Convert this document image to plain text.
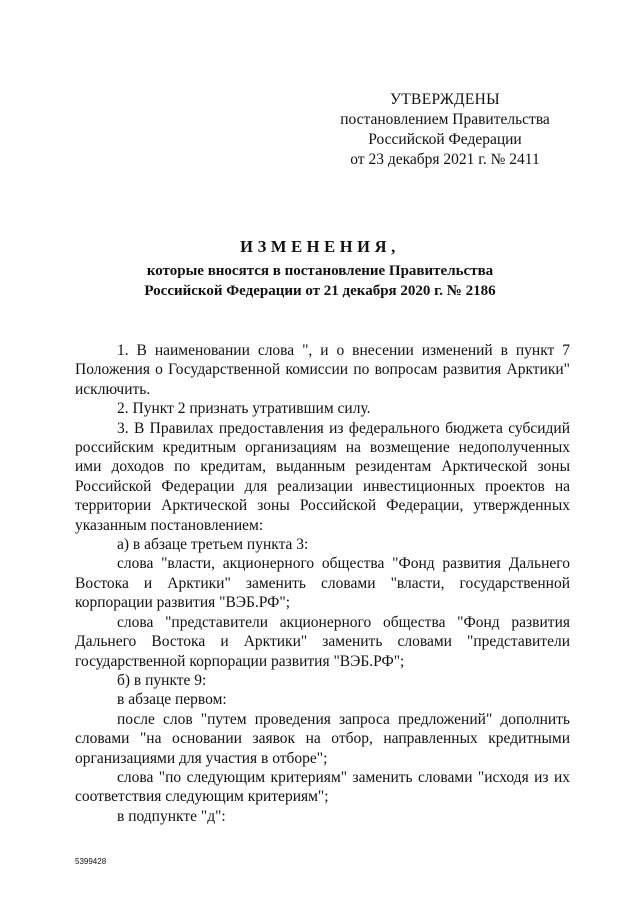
УТВЕРЖДЕНЫ
постановлением Правительства
Российской Федерации
от 23 декабря 2021 г. № 2411
ИЗМЕНЕНИЯ,
которые вносятся в постановление Правительства
Российской Федерации от 21 декабря 2020 г. № 2186

1. В наименовании слова ", и о внесении изменений в пункт 7 Положения о Государственной комиссии по вопросам развития Арктики" исключить.

2. Пункт 2 признать утратившим силу.

3. В Правилах предоставления из федерального бюджета субсидий российским кредитным организациям на возмещение недополученных ими доходов по кредитам, выданным резидентам Арктической зоны Российской Федерации для реализации инвестиционных проектов на территории Арктической зоны Российской Федерации, утвержденных указанным постановлением:

а) в абзаце третьем пункта 3:

слова "власти, акционерного общества "Фонд развития Дальнего Востока и Арктики" заменить словами "власти, государственной корпорации развития "ВЭБ.РФ";

слова "представители акционерного общества "Фонд развития Дальнего Востока и Арктики" заменить словами "представители государственной корпорации развития "ВЭБ.РФ";

б) в пункте 9:

в абзаце первом:

после слов "путем проведения запроса предложений" дополнить словами "на основании заявок на отбор, направленных кредитными организациями для участия в отборе";

слова "по следующим критериям" заменить словами "исходя из их соответствия следующим критериям";

в подпункте "д":

5399428
